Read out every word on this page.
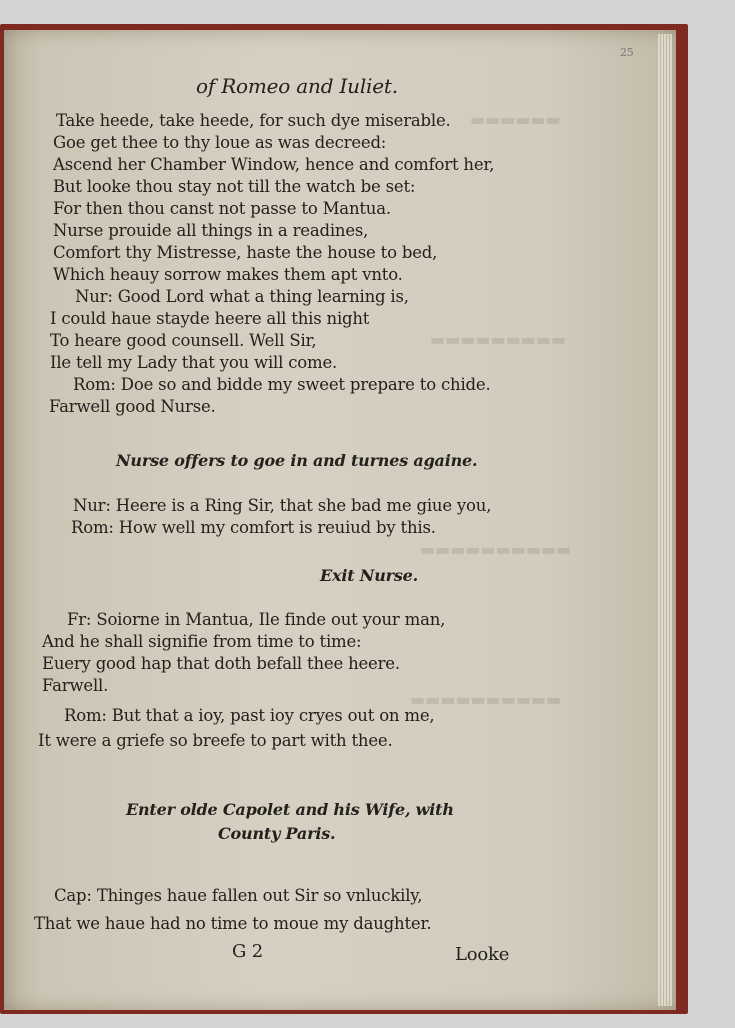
▬▬▬▬▬▬
▬▬▬▬▬▬▬▬▬
▬▬▬▬▬▬▬▬▬▬
▬▬▬▬▬▬▬▬▬▬
25
of Romeo and Iuliet.
Take heede, take heede, for such dye miserable.
Goe get thee to thy loue as was decreed:
Ascend her Chamber Window, hence and comfort her,
But looke thou stay not till the watch be set:
For then thou canst not passe to Mantua.
Nurse prouide all things in a readines,
Comfort thy Mistresse, haste the house to bed,
Which heauy sorrow makes them apt vnto.
Nur: Good Lord what a thing learning is,
I could haue stayde heere all this night
To heare good counsell. Well Sir,
Ile tell my Lady that you will come.
Rom: Doe so and bidde my sweet prepare to chide.
Farwell good Nurse.
Nurse offers to goe in and turnes againe.
Nur: Heere is a Ring Sir, that she bad me giue you,
Rom: How well my comfort is reuiud by this.
Exit Nurse.
Fr: Soiorne in Mantua, Ile finde out your man,
And he shall signifie from time to time:
Euery good hap that doth befall thee heere.
Farwell.
Rom: But that a ioy, past ioy cryes out on me,
It were a griefe so breefe to part with thee.
Enter olde Capolet and his Wife, with
County Paris.
Cap: Thinges haue fallen out Sir so vnluckily,
That we haue had no time to moue my daughter.
G 2	Looke
